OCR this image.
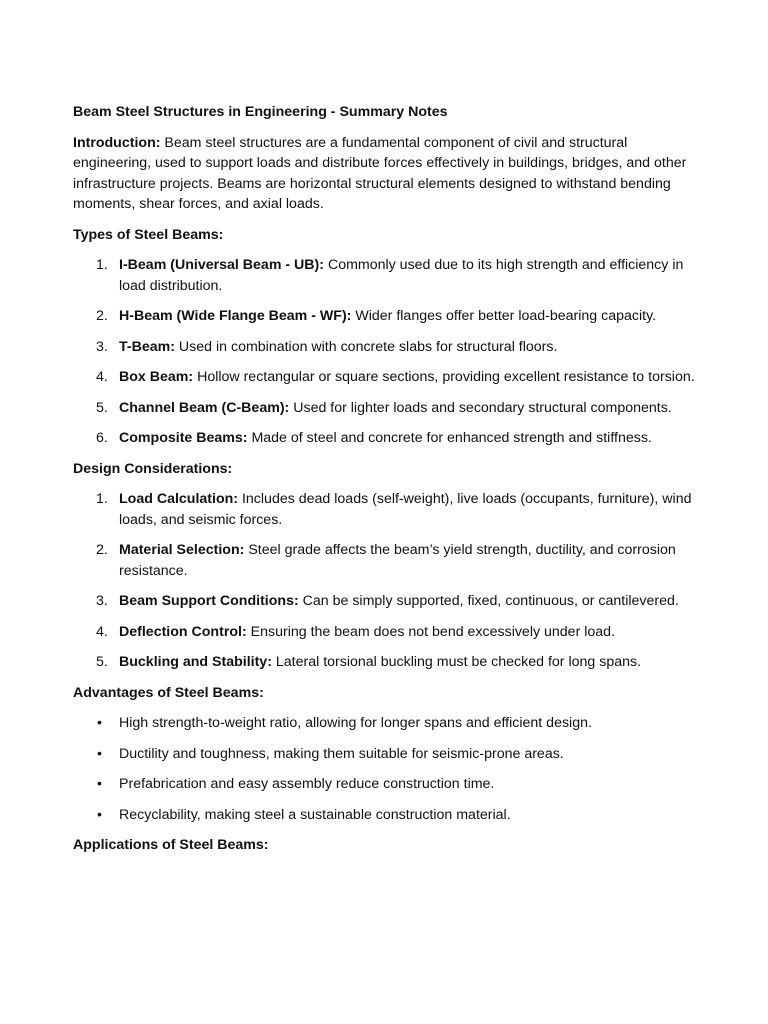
Beam Steel Structures in Engineering - Summary Notes
Introduction: Beam steel structures are a fundamental component of civil and structural engineering, used to support loads and distribute forces effectively in buildings, bridges, and other infrastructure projects. Beams are horizontal structural elements designed to withstand bending moments, shear forces, and axial loads.
Types of Steel Beams:
1. I-Beam (Universal Beam - UB): Commonly used due to its high strength and efficiency in load distribution.
2. H-Beam (Wide Flange Beam - WF): Wider flanges offer better load-bearing capacity.
3. T-Beam: Used in combination with concrete slabs for structural floors.
4. Box Beam: Hollow rectangular or square sections, providing excellent resistance to torsion.
5. Channel Beam (C-Beam): Used for lighter loads and secondary structural components.
6. Composite Beams: Made of steel and concrete for enhanced strength and stiffness.
Design Considerations:
1. Load Calculation: Includes dead loads (self-weight), live loads (occupants, furniture), wind loads, and seismic forces.
2. Material Selection: Steel grade affects the beam’s yield strength, ductility, and corrosion resistance.
3. Beam Support Conditions: Can be simply supported, fixed, continuous, or cantilevered.
4. Deflection Control: Ensuring the beam does not bend excessively under load.
5. Buckling and Stability: Lateral torsional buckling must be checked for long spans.
Advantages of Steel Beams:
• High strength-to-weight ratio, allowing for longer spans and efficient design.
• Ductility and toughness, making them suitable for seismic-prone areas.
• Prefabrication and easy assembly reduce construction time.
• Recyclability, making steel a sustainable construction material.
Applications of Steel Beams:
